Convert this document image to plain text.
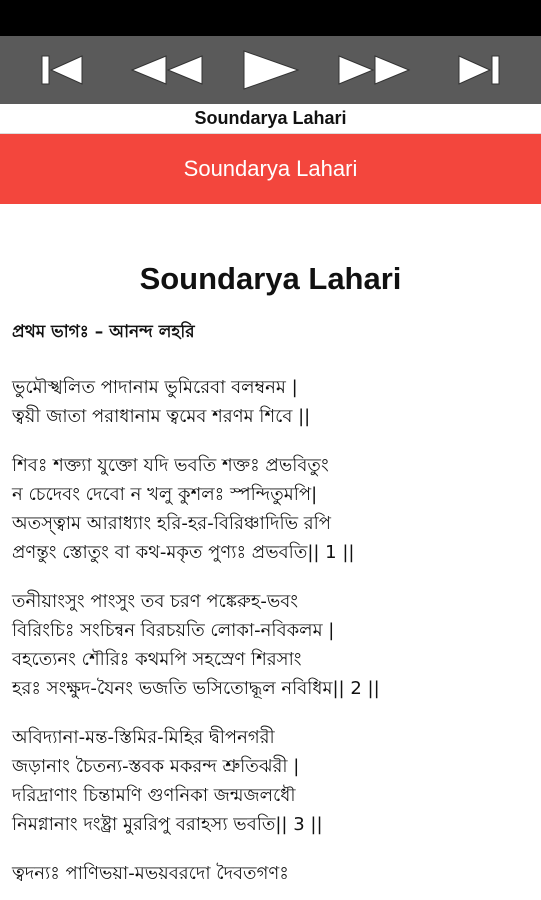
Soundarya Lahari
Soundarya Lahari
Soundarya Lahari
প্রথম ভাগঃ – আনন্দ লহরি
ভুমৌস্খলিত পাদানাম ভুমিরেবা বলম্বনম |
ত্বয়ী জাতা পরাধানাম ত্বমেব শরণম শিবে ||
শিবঃ শক্ত্যা যুক্তো যদি ভবতি শক্তঃ প্রভবিতুং
ন চেদেবং দেবো ন খলু কুশলঃ স্পন্দিতুমপি|
অতস্ত্বাম আরাধ্যাং হরি-হর-বিরিঞ্চাদিভি রপি
প্রণন্তুং স্তোতুং বা কথ-মকৃত পুণ্যঃ প্রভবতি|| 1 ||
তনীয়াংসুং পাংসুং তব চরণ পঙ্কেরুহ-ভবং
বিরিংচিঃ সংচিন্বন বিরচয়তি লোকা-নবিকলম |
বহত্যেনং শৌরিঃ কথমপি সহস্রেণ শিরসাং
হরঃ সংক্ষুদ-যৈনং ভজতি ভসিতোদ্ধূল নবিধিম|| 2 ||
অবিদ্যানা-মন্ত-স্তিমির-মিহির দ্বীপনগরী
জড়ানাং চৈতন্য-স্তবক মকরন্দ শ্রুতিঝরী |
দরিদ্রাণাং চিন্তামণি গুণনিকা জন্মজলধৌ
নিমগ্নানাং দংষ্ট্রা মুররিপু বরাহস্য ভবতি|| 3 ||
ত্বদন্যঃ পাণিভয়া-মভয়বরদো দৈবতগণঃ
